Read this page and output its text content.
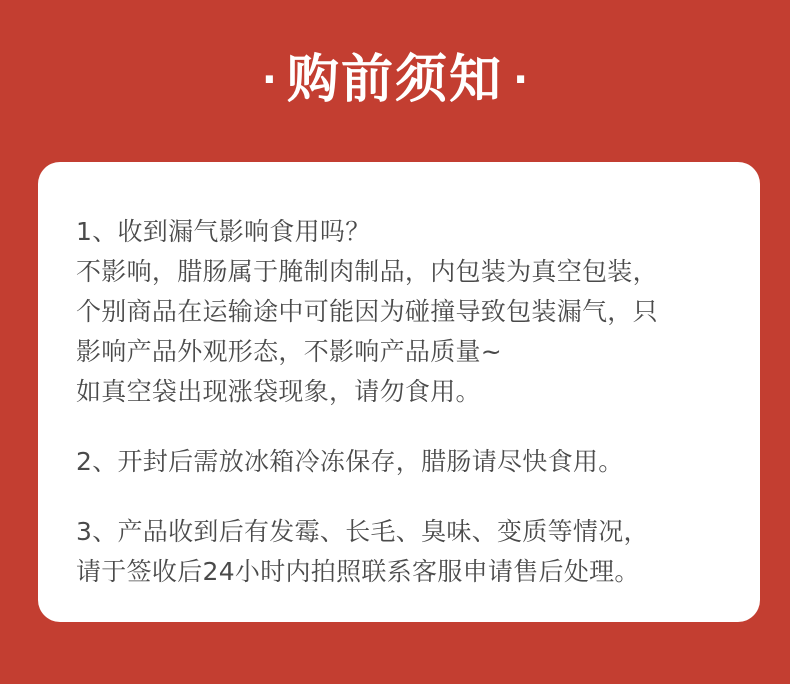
· 购前须知 ·
1、收到漏气影响食用吗？
不影响，腊肠属于腌制肉制品，内包装为真空包装，
个别商品在运输途中可能因为碰撞导致包装漏气，只
影响产品外观形态，不影响产品质量~
如真空袋出现涨袋现象，请勿食用。
2、开封后需放冰箱冷冻保存，腊肠请尽快食用。
3、产品收到后有发霉、长毛、臭味、变质等情况，
请于签收后24小时内拍照联系客服申请售后处理。
